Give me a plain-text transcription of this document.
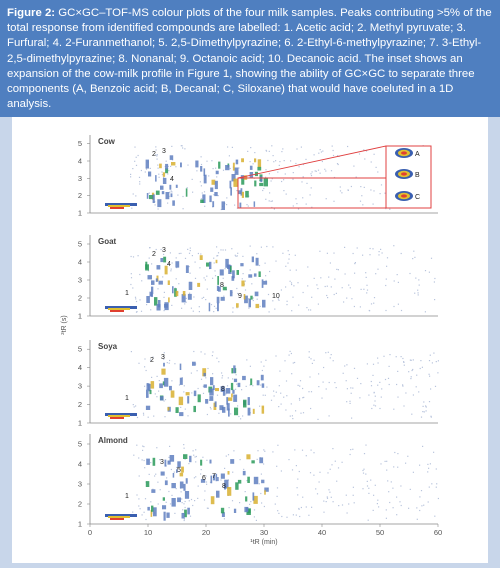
Figure 2: GC×GC–TOF-MS colour plots of the four milk samples. Peaks contributing >5% of the total response from identified compounds are labelled: 1. Acetic acid; 2. Methyl pyruvate; 3. Furfural; 4. 2-Furanmethanol; 5. 2,5-Dimethylpyrazine; 6. 2-Ethyl-6-methylpyrazine; 7. 3-Ethyl-2,5-dimethylpyrazine; 8. Nonanal; 9. Octanoic acid; 10. Decanoic acid. The inset shows an expansion of the cow-milk profile in Figure 1, showing the ability of GC×GC to separate three components (A, Benzoic acid; B, Decanal; C, Siloxane) that would have coeluted in a 1D analysis.
Cow
1
2
3
4
5
2 3
4
Goat
1
2
3
4
5
1
2
3
4
8
9	10
Soya
1
2
3
4
5
1
2 3
8
Almond
1
2
3
4
5
1
3
5
6 7
8
A
B
C
0	10	20	30	40	50	60
¹tR (min)
²tR (s)
